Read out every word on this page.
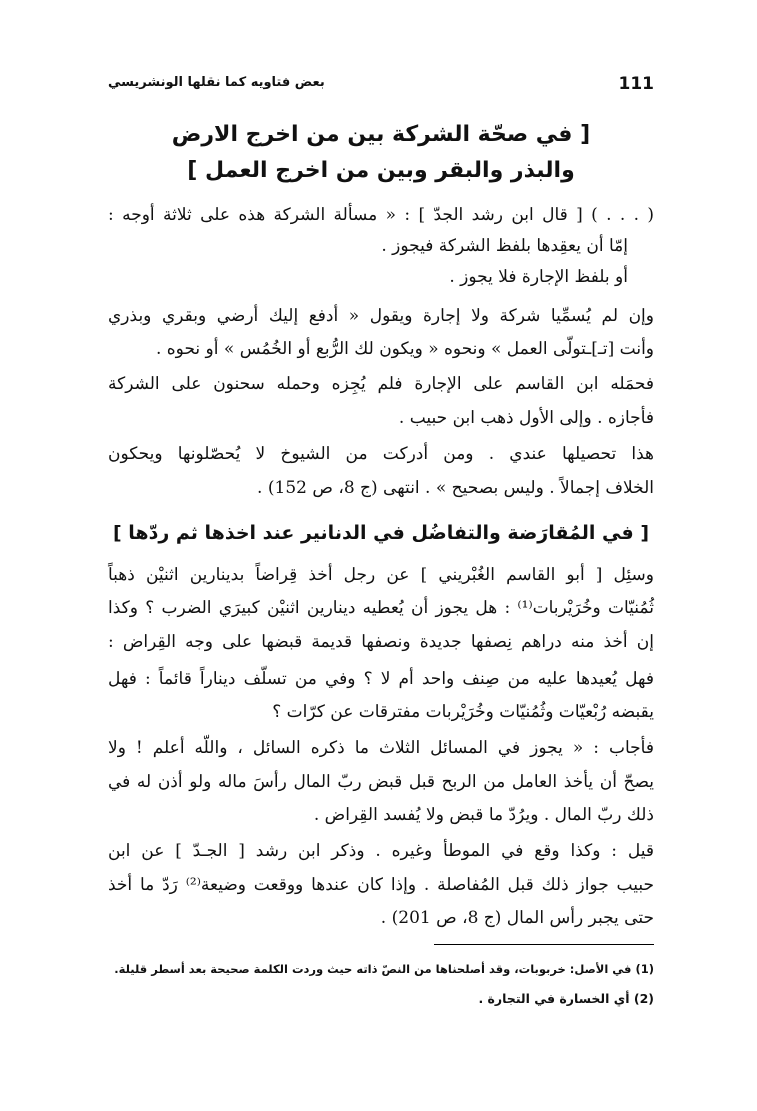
111
بعض فتاويه كما نقلها الونشريسي
[ في صحّة الشركة بين من اخرج الارض
والبذر والبقر وبين من اخرج العمل ]
( . . . ) [ قال ابن رشد الجدّ ] : « مسألة الشركة هذه على ثلاثة أوجه :
إمّا أن يعقِدها بلفظ الشركة فيجوز .
أو بلفظ الإجارة فلا يجوز .
وإن لم يُسمِّيا شركة ولا إجارة ويقول « أدفع إليك أرضي وبقري وبذري
وأنت [تـ]ـتولّى العمل » ونحوه « ويكون لك الرُّبع أو الخُمُس » أو نحوه .
فحمَله ابن القاسم على الإجارة فلم يُجِزه وحمله سحنون على الشركة
فأجازه . وإلى الأول ذهب ابن حبيب .
هذا تحصيلها عندي . ومن أدركت من الشيوخ لا يُحصّلونها ويحكون
الخلاف إجمالاً . وليس بصحيح » . انتهى (ج 8، ص 152) .
[ في المُقارَضة والتفاضُل في الدنانير عند اخذها ثم ردّها ]
وسئِل [ أبو القاسم الغُبْريني ] عن رجل أخذ قِراضاً بدينارين اثنيْن ذهباً
ثُمُنيّات وخُرَيْربات⁽¹⁾ : هل يجوز أن يُعطيه دينارين اثنيْن كبيرَي الضرب ؟ وكذا
إن أخذ منه دراهم نِصفها جديدة ونصفها قديمة قبضها على وجه القِراض :
فهل يُعيدها عليه من صِنف واحد أم لا ؟ وفي من تسلّف ديناراً قائماً : فهل
يقبضه رُبْعيّات وثُمُنيّات وخُرَيْربات مفترقات عن كرّات ؟
فأجاب : « يجوز في المسائل الثلاث ما ذكره السائل ، واللّه أعلم ! ولا
يصحّ أن يأخذ العامل من الربح قبل قبض ربّ المال رأسَ ماله ولو أذن له في
ذلك ربّ المال . ويرُدّ ما قبض ولا يُفسد القِراض .
قيل : وكذا وقع في الموطأ وغيره . وذكر ابن رشد [ الجـدّ ] عن ابن
حبيب جواز ذلك قبل المُفاصلة . وإذا كان عندها ووقعت وضيعة⁽²⁾ رَدّ ما أخذ
حتى يجبر رأس المال (ج 8، ص 201) .
(1) في الأصل: خربوبات، وقد أصلحناها من النصّ ذاته حيث وردت الكلمة صحيحة بعد أسطر قليلة.
(2) أي الخسارة في التجارة .
